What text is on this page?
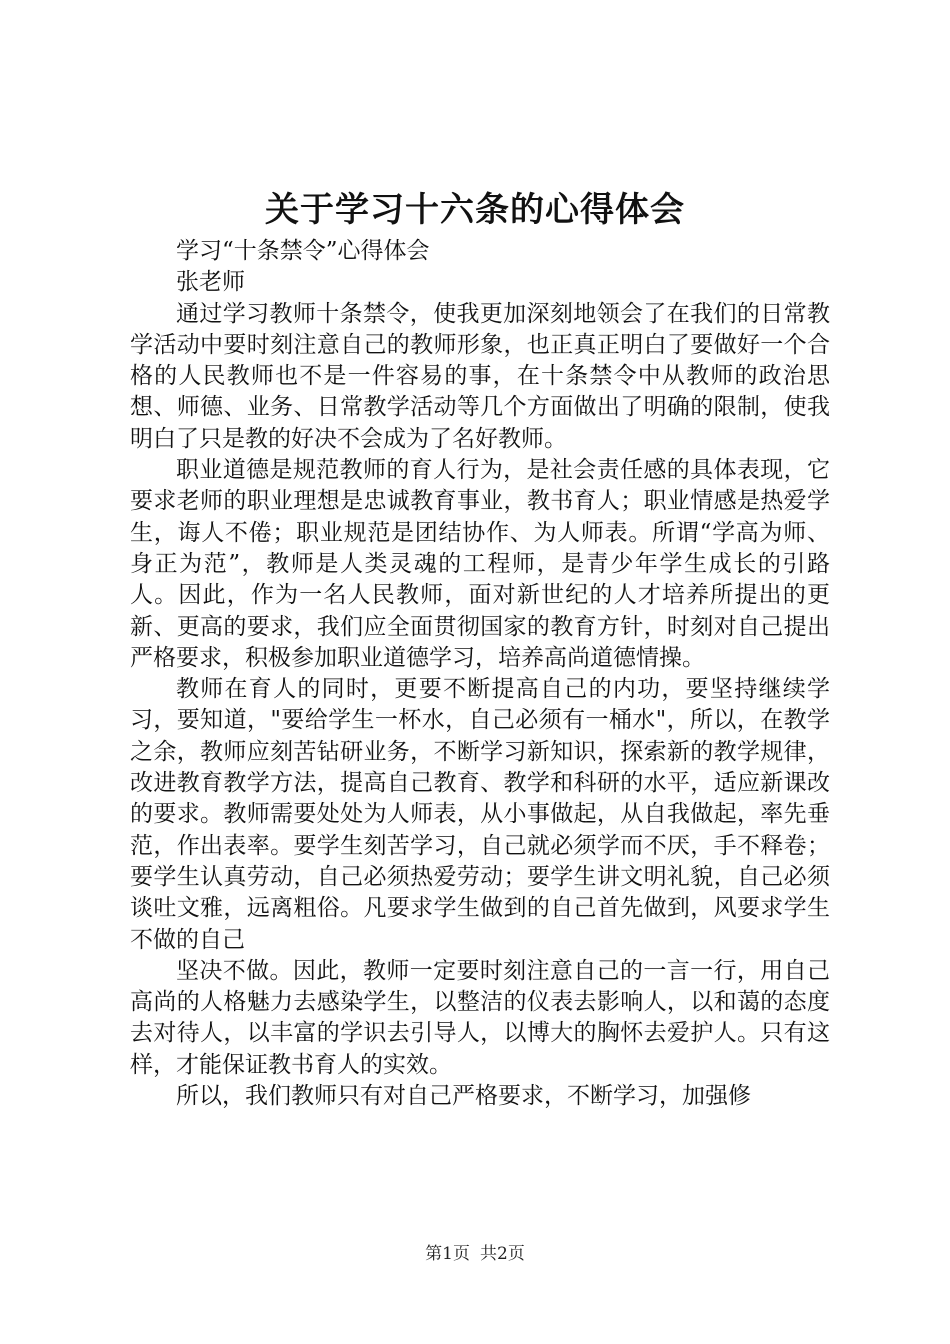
关于学习十六条的心得体会

学习“十条禁令”心得体会

张老师

通过学习教师十条禁令，使我更加深刻地领会了在我们的日常教学活动中要时刻注意自己的教师形象，也正真正明白了要做好一个合格的人民教师也不是一件容易的事，在十条禁令中从教师的政治思想、师德、业务、日常教学活动等几个方面做出了明确的限制，使我明白了只是教的好决不会成为了名好教师。

职业道德是规范教师的育人行为，是社会责任感的具体表现，它要求老师的职业理想是忠诚教育事业，教书育人；职业情感是热爱学生，诲人不倦；职业规范是团结协作、为人师表。所谓“学高为师、身正为范”，教师是人类灵魂的工程师，是青少年学生成长的引路人。因此，作为一名人民教师，面对新世纪的人才培养所提出的更新、更高的要求，我们应全面贯彻国家的教育方针，时刻对自己提出严格要求，积极参加职业道德学习，培养高尚道德情操。

教师在育人的同时，更要不断提高自己的内功，要坚持继续学习，要知道，"要给学生一杯水，自己必须有一桶水"，所以，在教学之余，教师应刻苦钻研业务，不断学习新知识，探索新的教学规律，改进教育教学方法，提高自己教育、教学和科研的水平，适应新课改的要求。教师需要处处为人师表，从小事做起，从自我做起，率先垂范，作出表率。要学生刻苦学习，自己就必须学而不厌，手不释卷；要学生认真劳动，自己必须热爱劳动；要学生讲文明礼貌，自己必须谈吐文雅，远离粗俗。凡要求学生做到的自己首先做到，风要求学生不做的自己

坚决不做。因此，教师一定要时刻注意自己的一言一行，用自己高尚的人格魅力去感染学生，以整洁的仪表去影响人，以和蔼的态度去对待人，以丰富的学识去引导人，以博大的胸怀去爱护人。只有这样，才能保证教书育人的实效。

所以，我们教师只有对自己严格要求，不断学习，加强修

第1页 共2页
